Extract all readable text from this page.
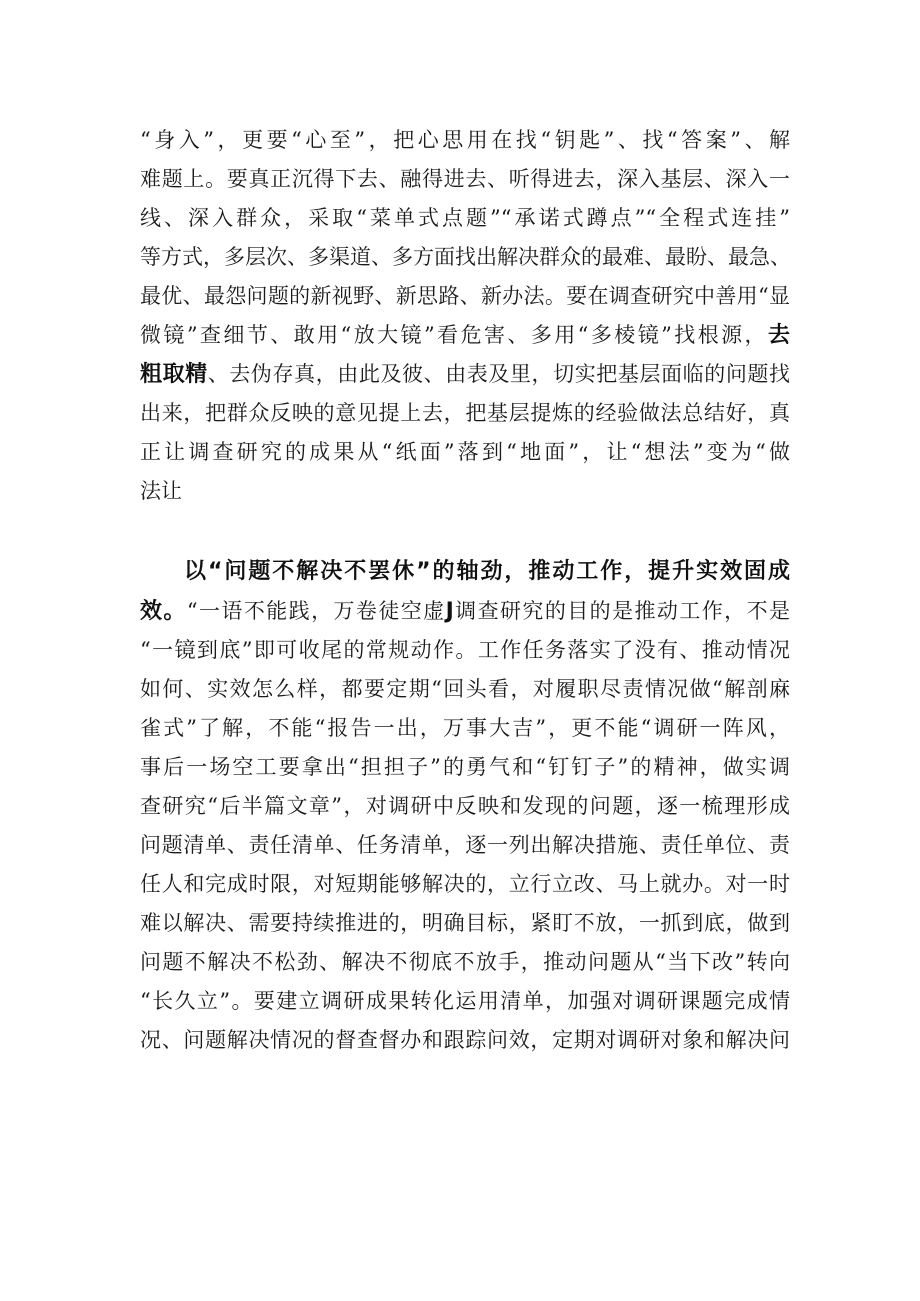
“身入”，更要“心至”，把心思用在找“钥匙”、找“答案”、解
难题上。要真正沉得下去、融得进去、听得进去，深入基层、深入一
线、深入群众，采取“菜单式点题”“承诺式蹲点”“全程式连挂”
等方式，多层次、多渠道、多方面找出解决群众的最难、最盼、最急、
最优、最怨问题的新视野、新思路、新办法。要在调查研究中善用“显
微镜”查细节、敢用“放大镜”看危害、多用“多棱镜”找根源，去
粗取精、去伪存真，由此及彼、由表及里，切实把基层面临的问题找
出来，把群众反映的意见提上去，把基层提炼的经验做法总结好，真
正让调查研究的成果从“纸面”落到“地面”，让“想法”变为“做
法让
以“问题不解决不罢休”的轴劲，推动工作，提升实效固成
效。“一语不能践，万卷徒空虚J调查研究的目的是推动工作，不是
“一镜到底”即可收尾的常规动作。工作任务落实了没有、推动情况
如何、实效怎么样，都要定期“回头看，对履职尽责情况做“解剖麻
雀式”了解，不能“报告一出，万事大吉”，更不能“调研一阵风，
事后一场空工要拿出“担担子”的勇气和“钉钉子”的精神，做实调
查研究“后半篇文章”，对调研中反映和发现的问题，逐一梳理形成
问题清单、责任清单、任务清单，逐一列出解决措施、责任单位、责
任人和完成时限，对短期能够解决的，立行立改、马上就办。对一时
难以解决、需要持续推进的，明确目标，紧盯不放，一抓到底，做到
问题不解决不松劲、解决不彻底不放手，推动问题从“当下改”转向
“长久立”。要建立调研成果转化运用清单，加强对调研课题完成情
况、问题解决情况的督查督办和跟踪问效，定期对调研对象和解决问
